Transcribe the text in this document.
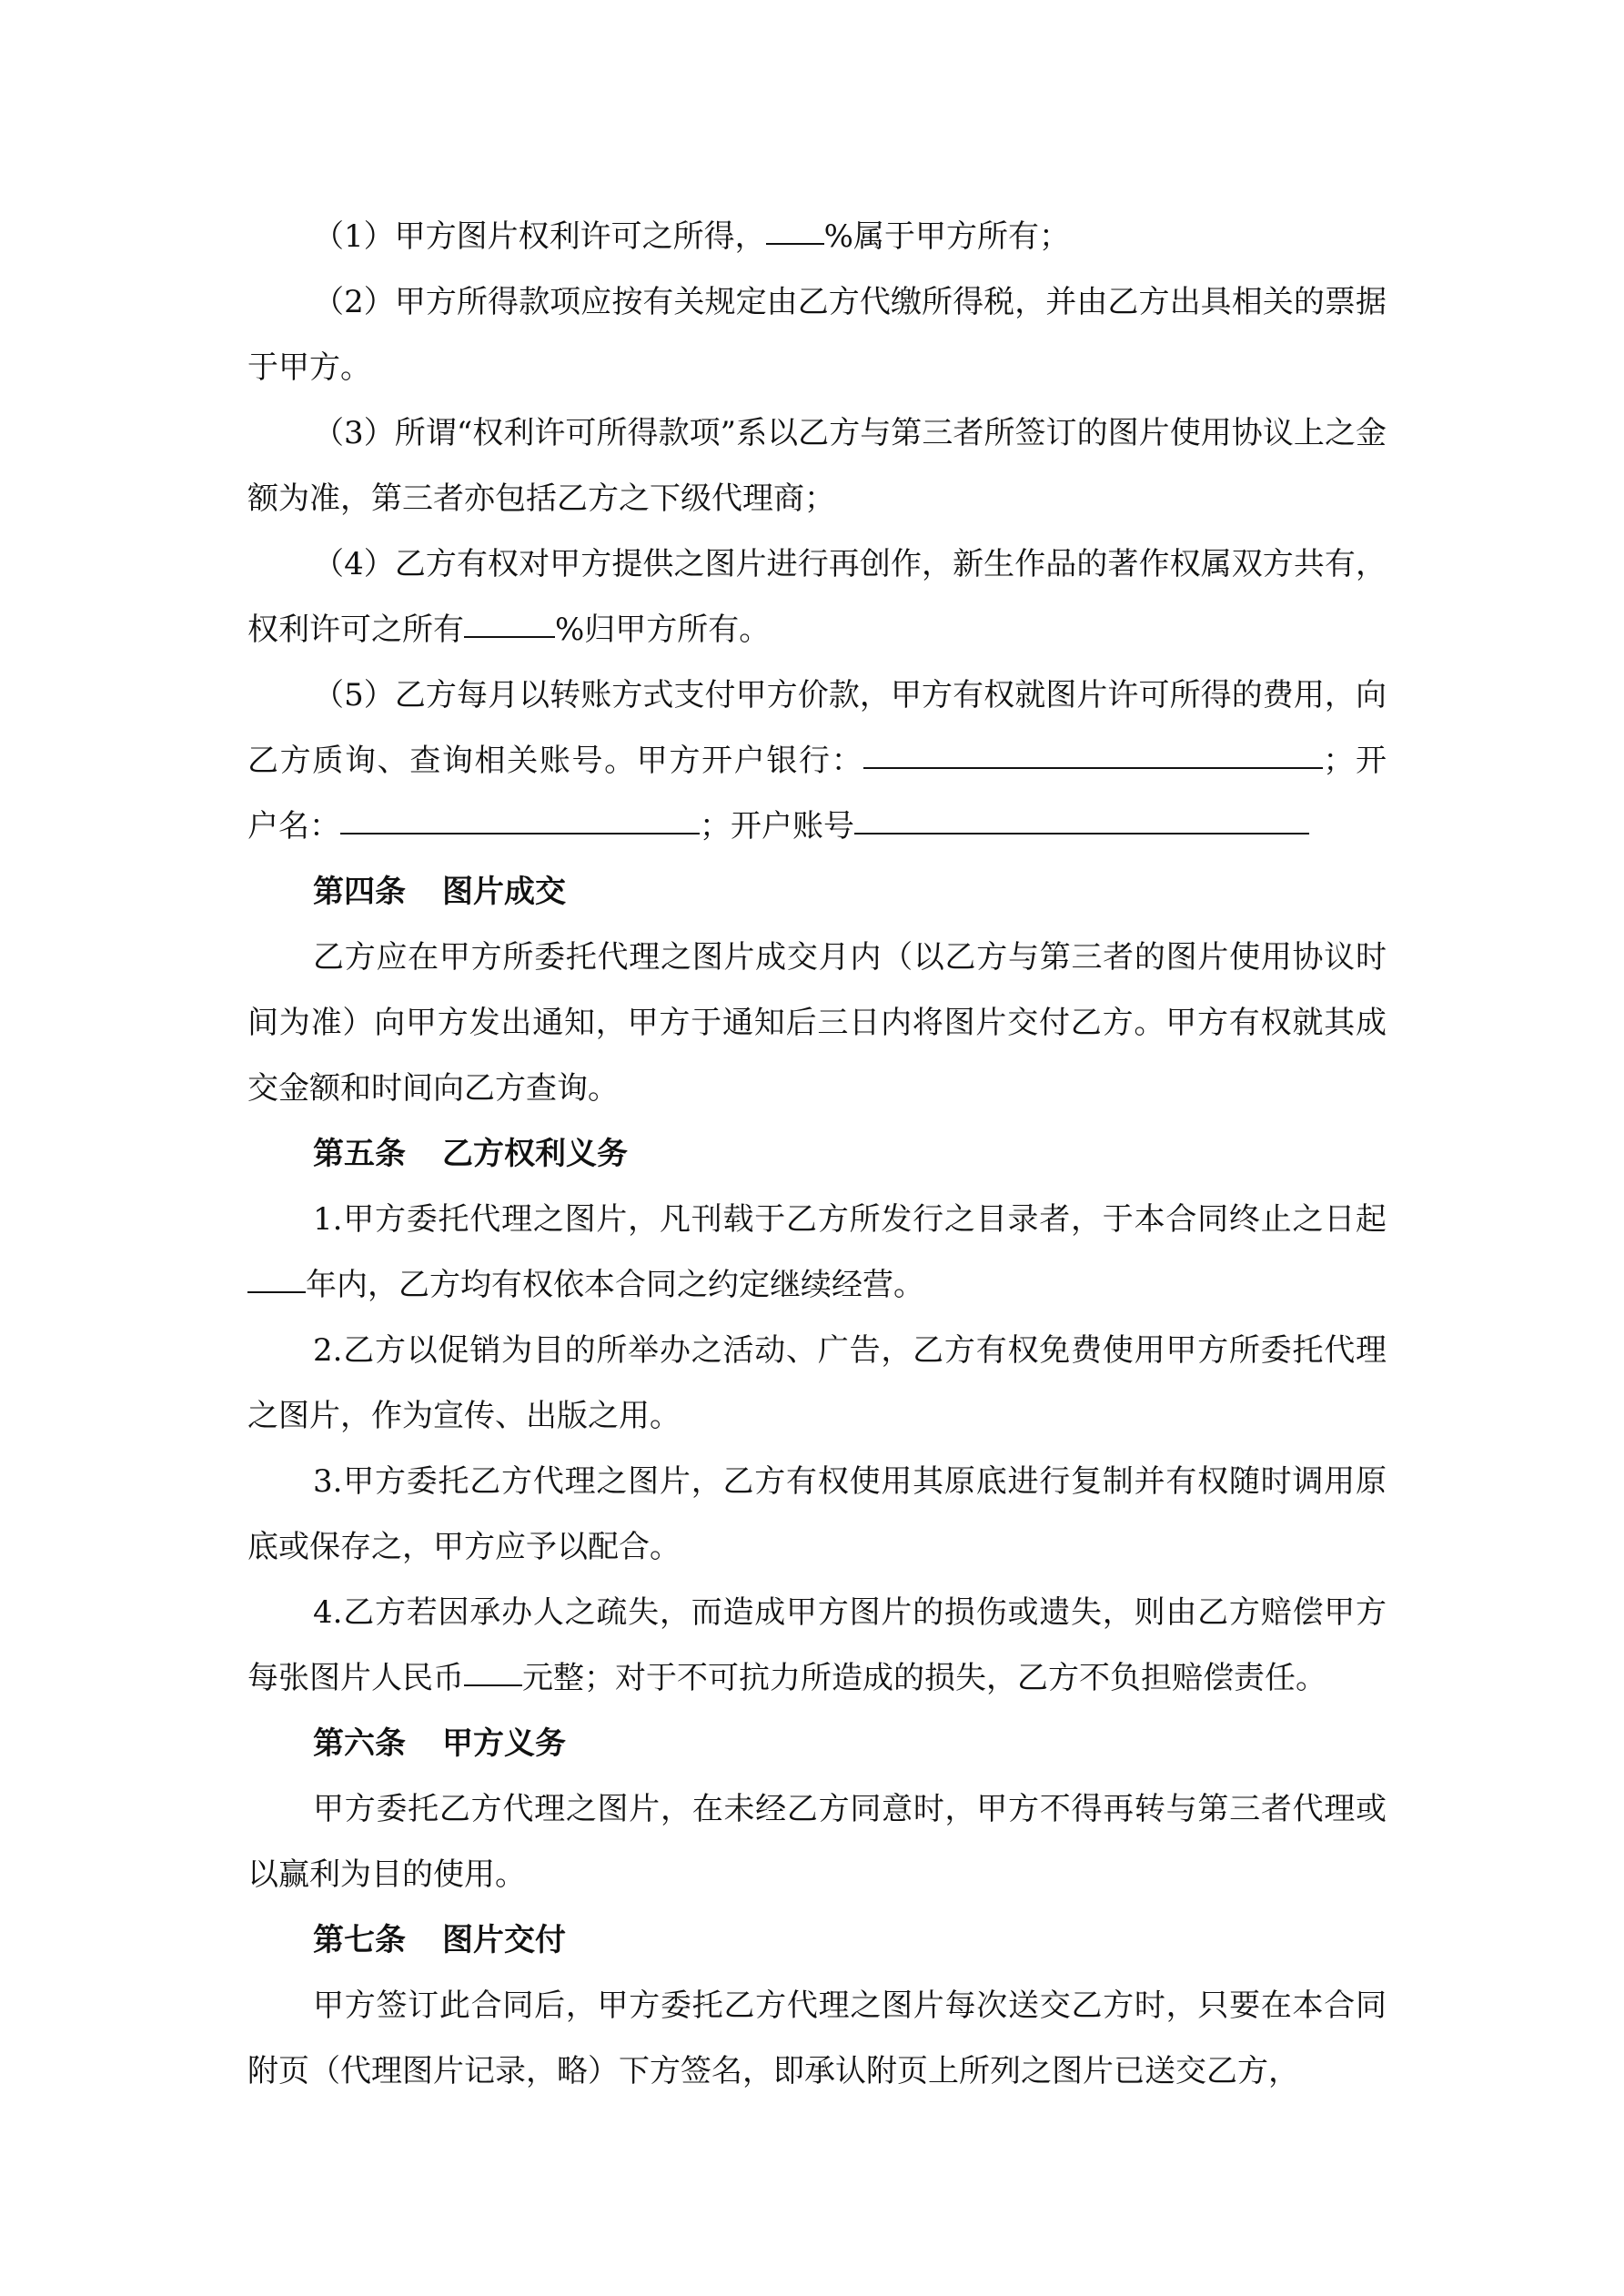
（1）甲方图片权利许可之所得， %属于甲方所有；

（2）甲方所得款项应按有关规定由乙方代缴所得税，并由乙方出具相关的票据于甲方。

（3）所谓“权利许可所得款项”系以乙方与第三者所签订的图片使用协议上之金额为准，第三者亦包括乙方之下级代理商；

（4）乙方有权对甲方提供之图片进行再创作，新生作品的著作权属双方共有，权利许可之所有	%归甲方所有。

（5）乙方每月以转账方式支付甲方价款，甲方有权就图片许可所得的费用，向乙方质询、查询相关账号。甲方开户银行：	；开户名：	；开户账号

第四条 图片成交

乙方应在甲方所委托代理之图片成交月内（以乙方与第三者的图片使用协议时间为准）向甲方发出通知，甲方于通知后三日内将图片交付乙方。甲方有权就其成交金额和时间向乙方查询。

第五条 乙方权利义务

1.甲方委托代理之图片，凡刊载于乙方所发行之目录者，于本合同终止之日起年内，乙方均有权依本合同之约定继续经营。

2.乙方以促销为目的所举办之活动、广告，乙方有权免费使用甲方所委托代理之图片，作为宣传、出版之用。

3.甲方委托乙方代理之图片，乙方有权使用其原底进行复制并有权随时调用原底或保存之，甲方应予以配合。

4.乙方若因承办人之疏失，而造成甲方图片的损伤或遗失，则由乙方赔偿甲方每张图片人民币 元整；对于不可抗力所造成的损失，乙方不负担赔偿责任。

第六条 甲方义务

甲方委托乙方代理之图片，在未经乙方同意时，甲方不得再转与第三者代理或以赢利为目的使用。

第七条 图片交付

甲方签订此合同后，甲方委托乙方代理之图片每次送交乙方时，只要在本合同附页（代理图片记录，略）下方签名，即承认附页上所列之图片已送交乙方，
